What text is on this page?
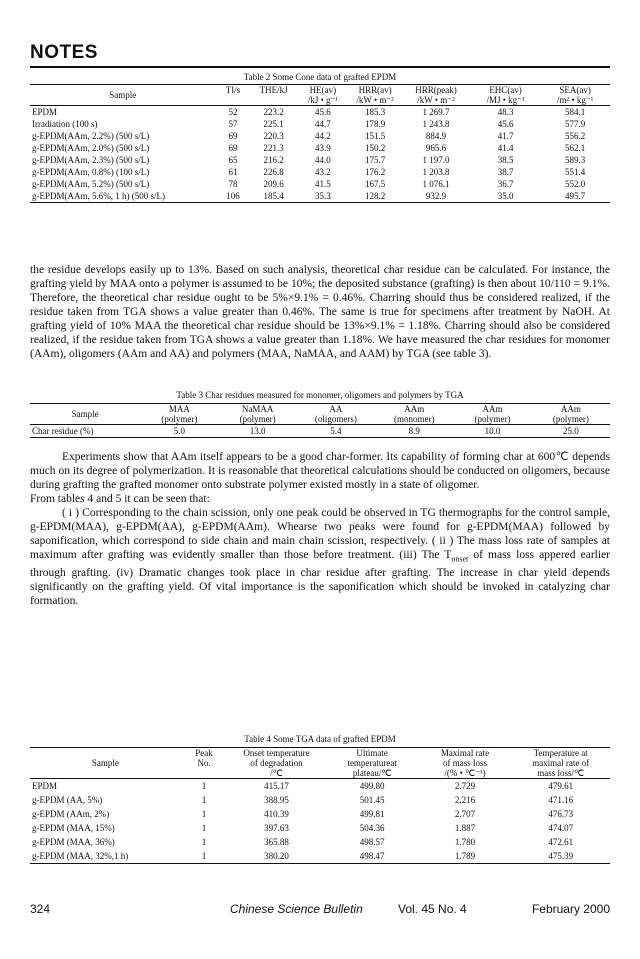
NOTES
Table 2 Some Cone data of grafted EPDM
Sample	TI/s	THE/kJ	HE(av)	HRR(av)	HRR(peak)	EHC(av)	SEA(av)
			/kJ • g⁻¹	/kW • m⁻²	/kW • m⁻²	/MJ • kg⁻¹	/m² • kg⁻¹
EPDM	52	223.2	45.6	185.3	1 269.7	48.3	584.1
Irradiation (100 s)	57	225.1	44.7	178.9	1 243.8	45.6	577.9
g-EPDM(AAm, 2.2%) (500 s/L)	69	220.3	44.2	151.5	884.9	41.7	556.2
g-EPDM(AAm, 2.0%) (500 s/L)	69	221.3	43.9	150.2	965.6	41.4	562.1
g-EPDM(AAm, 2.3%) (500 s/L)	65	216.2	44.0	175.7	1 197.0	38.5	589.3
g-EPDM(AAm, 0.8%) (100 s/L)	61	226.8	43.2	176.2	1 203.8	38.7	551.4
g-EPDM(AAm, 5.2%) (500 s/L)	78	209.6	41.5	167.5	1 076.1	36.7	552.0
g-EPDM(AAm, 5.6%, 1 h) (500 s/L)	106	185.4	35.3	128.2	932.9	35.0	495.7

the residue develops easily up to 13%. Based on such analysis, theoretical char residue can be calculated. For instance, the grafting yield by MAA onto a polymer is assumed to be 10%; the deposited substance (grafting) is then about 10/110 = 9.1%. Therefore, the theoretical char residue ought to be 5%×9.1% = 0.46%. Charring should thus be considered realized, if the residue taken from TGA shows a value greater than 0.46%. The same is true for specimens after treatment by NaOH. At grafting yield of 10% MAA the theoretical char residue should be 13%×9.1% = 1.18%. Charring should also be considered realized, if the residue taken from TGA shows a value greater than 1.18%. We have measured the char residues for monomer (AAm), oligomers (AAm and AA) and polymers (MAA, NaMAA, and AAM) by TGA (see table 3).

Table 3 Char residues measured for monomer, oligomers and polymers by TGA
Sample	MAA	NaMAA	AA	AAm	AAm	AAm
	(polymer)	(polymer)	(oligomers)	(monomer)	(polymer)	(polymer)
Char residue (%)	5.0	13.0	5.4	8.9	10.0	25.0

Experiments show that AAm itself appears to be a good char-former. Its capability of forming char at 600℃ depends much on its degree of polymerization. It is reasonable that theoretical calculations should be conducted on oligomers, because during grafting the grafted monomer onto substrate polymer existed mostly in a state of oligomer.

From tables 4 and 5 it can be seen that:

( i ) Corresponding to the chain scission, only one peak could be observed in TG thermographs for the control sample, g-EPDM(MAA), g-EPDM(AA), g-EPDM(AAm). Whearse two peaks were found for g-EPDM(MAA) followed by saponification, which correspond to side chain and main chain scission, respectively. ( ii ) The mass loss rate of samples at maximum after grafting was evidently smaller than those before treatment. (iii) The $T_{onset}$ of mass loss appered earlier through grafting. (iv) Dramatic changes took place in char residue after grafting. The increase in char yield depends significantly on the grafting yield. Of vital importance is the saponification which should be invoked in catalyzing char formation.

Table 4 Some TGA data of grafted EPDM
	Peak	Onset temperature	Ultimate	Maximal rate	Temperature at
Sample	No.	of degradation	temperatureat	of mass loss	maximal rate of
		/℃	plateau/℃	/(% • ℃⁻¹)	mass loss/℃
EPDM	1	415.17	499.80	2.729	479.61
g-EPDM (AA, 5%)	1	388.95	501.45	2.216	471.16
g-EPDM (AAm, 2%)	1	410.39	499.81	2.707	476.73
g-EPDM (MAA, 15%)	1	397.63	504.36	1.887	474.07
g-EPDM (MAA, 36%)	1	365.88	498.57	1.780	472.61
g-EPDM (MAA, 32%,1 h)	1	380.20	498.47	1.789	475.39
324	Chinese Science Bulletin	Vol. 45 No. 4	February 2000
